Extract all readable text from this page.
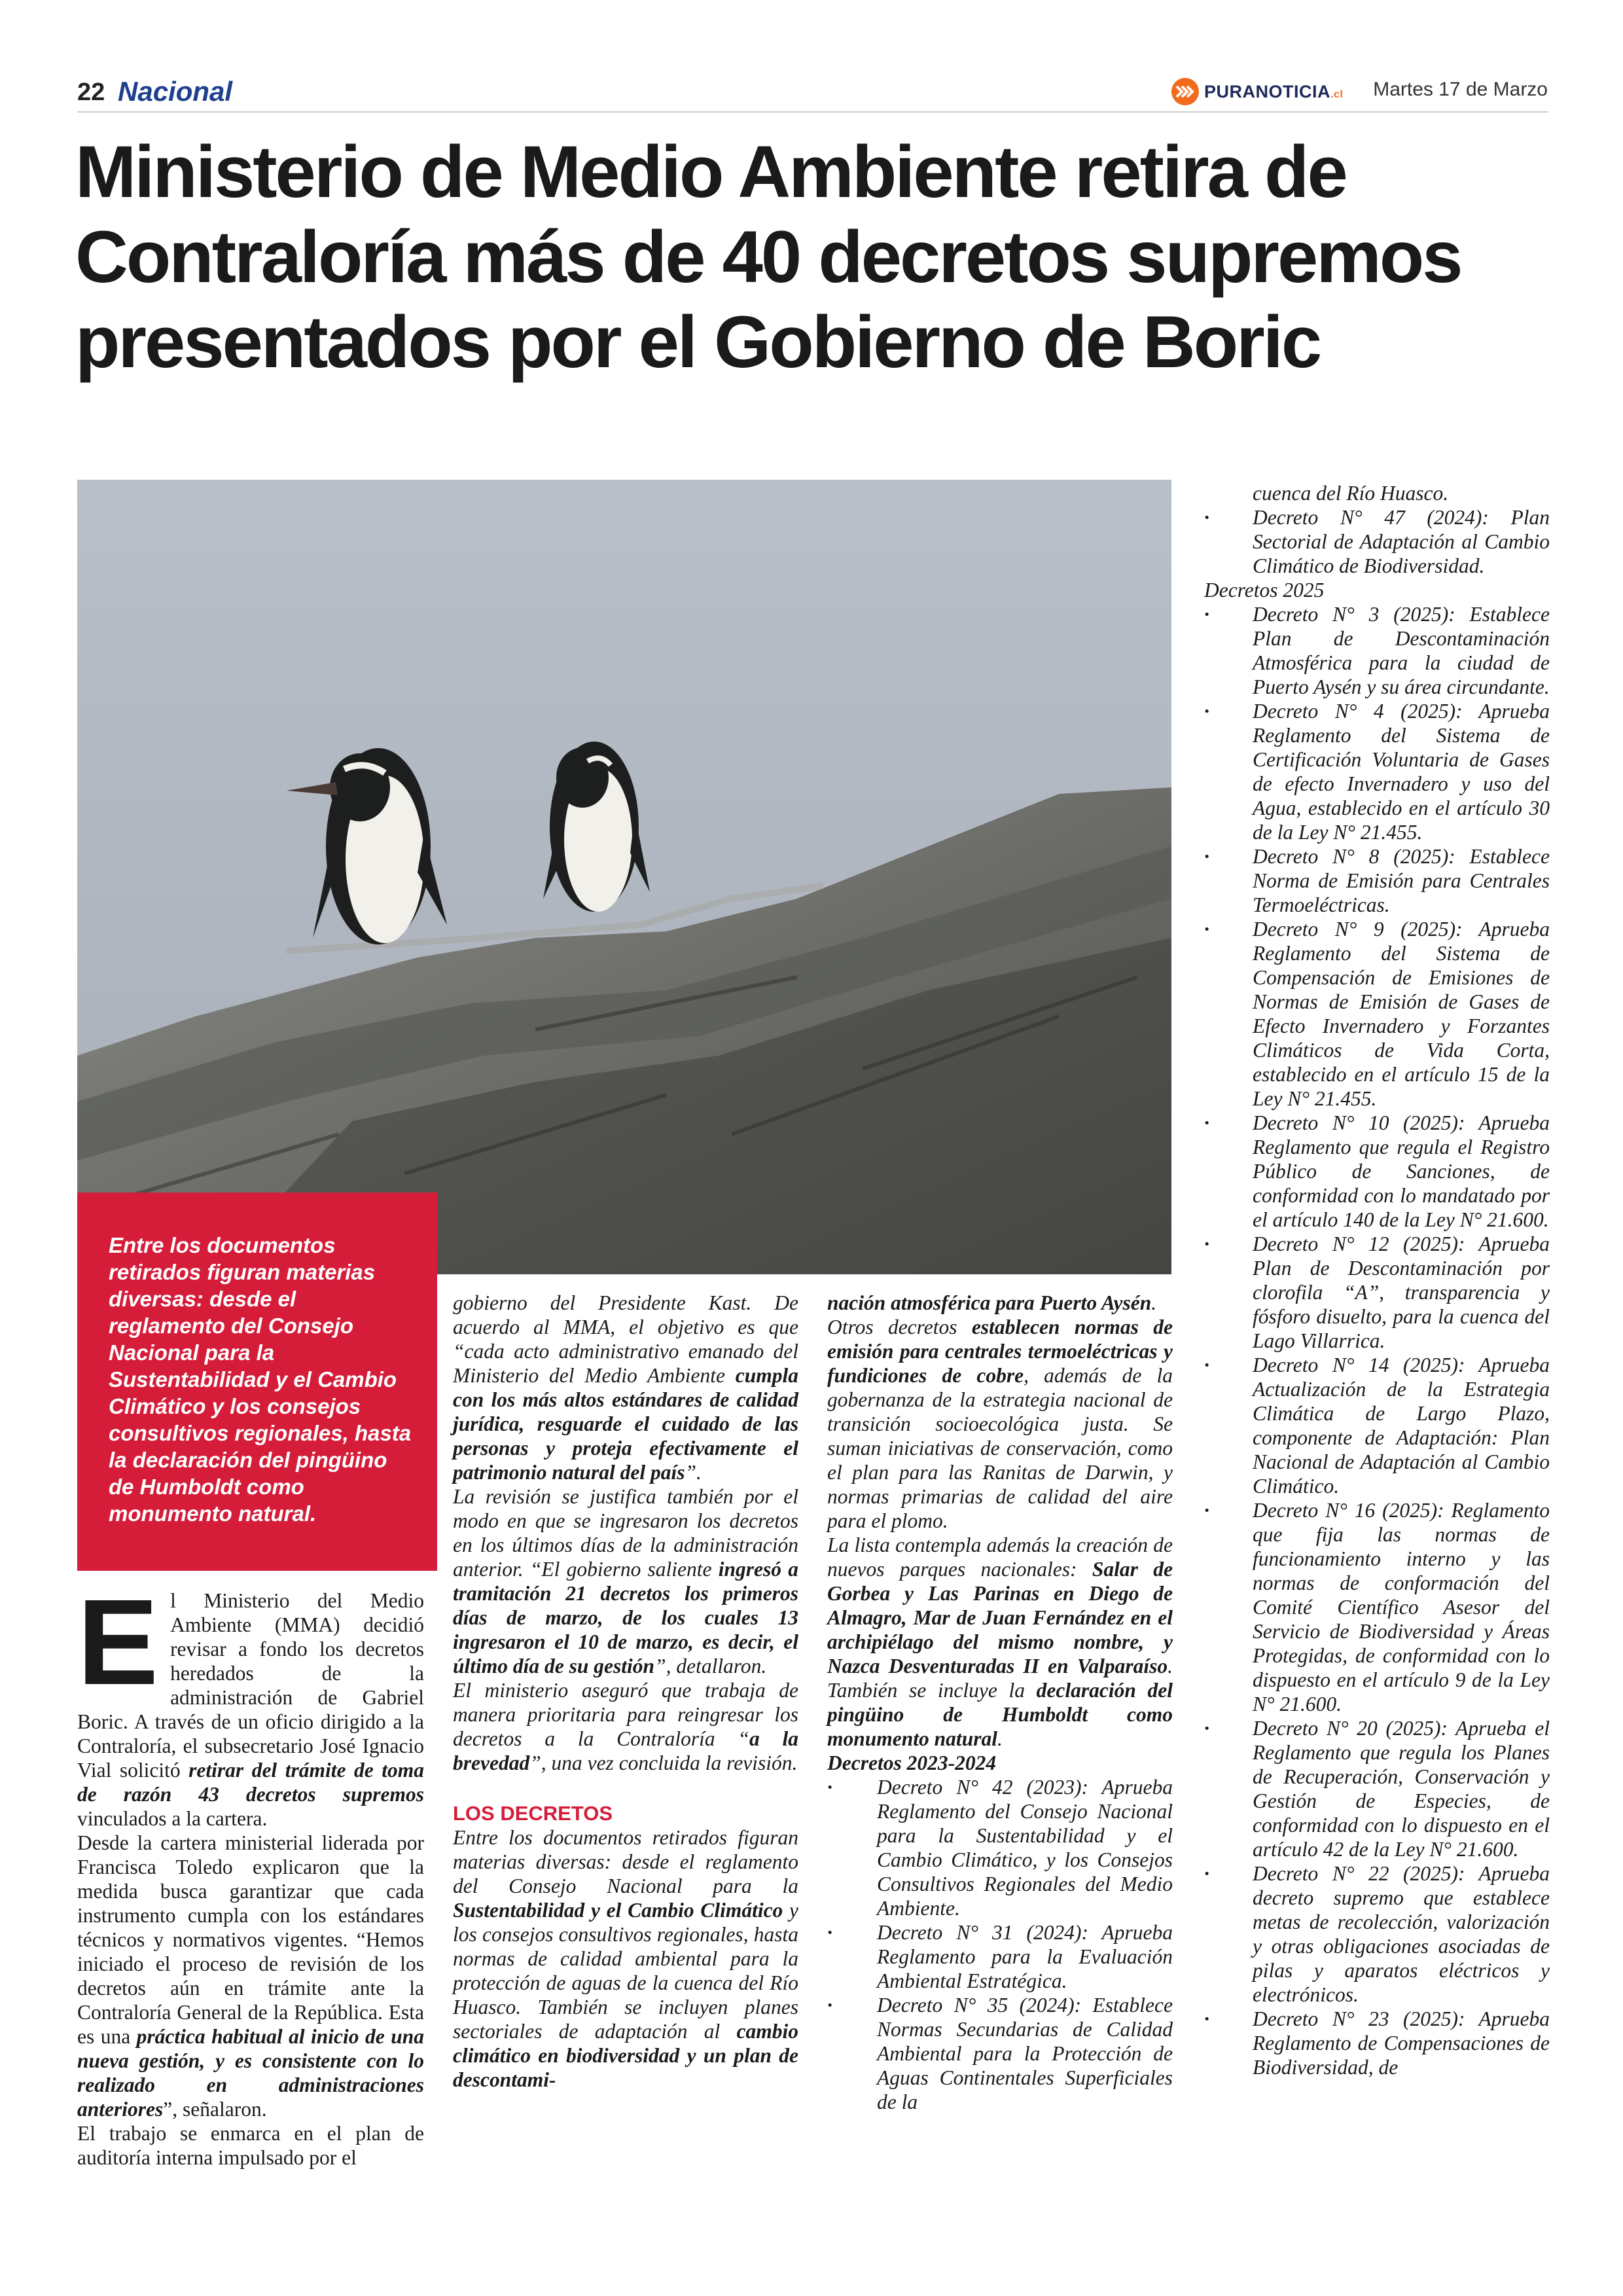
22 Nacional	PURANOTICIA.cl Martes 17 de Marzo
Ministerio de Medio Ambiente retira de Contraloría más de 40 decretos supremos presentados por el Gobierno de Boric

Entre los documentos retirados figuran materias diversas: desde el reglamento del Consejo Nacional para la Sustentabilidad y el Cambio Climático y los consejos consultivos regionales, hasta la declaración del pingüino de Humboldt como monumento natural.

El Ministerio del Medio Ambiente (MMA) decidió revisar a fondo los decretos heredados de la administración de Gabriel Boric. A través de un oficio dirigido a la Contraloría, el subsecretario José Ignacio Vial solicitó retirar del trámite de toma de razón 43 decretos supremos vinculados a la cartera.

Desde la cartera ministerial liderada por Francisca Toledo explicaron que la medida busca garantizar que cada instrumento cumpla con los estándares técnicos y normativos vigentes. “Hemos iniciado el proceso de revisión de los decretos aún en trámite ante la Contraloría General de la República. Esta es una práctica habitual al inicio de una nueva gestión, y es consistente con lo realizado en administraciones anteriores”, señalaron.

El trabajo se enmarca en el plan de auditoría interna impulsado por el

gobierno del Presidente Kast. De acuerdo al MMA, el objetivo es que “cada acto administrativo emanado del Ministerio del Medio Ambiente cumpla con los más altos estándares de calidad jurídica, resguarde el cuidado de las personas y proteja efectivamente el patrimonio natural del país”.

La revisión se justifica también por el modo en que se ingresaron los decretos en los últimos días de la administración anterior. “El gobierno saliente ingresó a tramitación 21 decretos los primeros días de marzo, de los cuales 13 ingresaron el 10 de marzo, es decir, el último día de su gestión”, detallaron.

El ministerio aseguró que trabaja de manera prioritaria para reingresar los decretos a la Contraloría “a la brevedad”, una vez concluida la revisión.

LOS DECRETOS

Entre los documentos retirados figuran materias diversas: desde el reglamento del Consejo Nacional para la Sustentabilidad y el Cambio Climático y los consejos consultivos regionales, hasta normas de calidad ambiental para la protección de aguas de la cuenca del Río Huasco. También se incluyen planes sectoriales de adaptación al cambio climático en biodiversidad y un plan de descontami-

nación atmosférica para Puerto Aysén.

Otros decretos establecen normas de emisión para centrales termoeléctricas y fundiciones de cobre, además de la gobernanza de la estrategia nacional de transición socioecológica justa. Se suman iniciativas de conservación, como el plan para las Ranitas de Darwin, y normas primarias de calidad del aire para el plomo.

La lista contempla además la creación de nuevos parques nacionales: Salar de Gorbea y Las Parinas en Diego de Almagro, Mar de Juan Fernández en el archipiélago del mismo nombre, y Nazca Desventuradas II en Valparaíso. También se incluye la declaración del pingüino de Humboldt como monumento natural.

Decretos 2023-2024

· Decreto N° 42 (2023): Aprueba Reglamento del Consejo Nacional para la Sustentabilidad y el Cambio Climático, y los Consejos Consultivos Regionales del Medio Ambiente.
· Decreto N° 31 (2024): Aprueba Reglamento para la Evaluación Ambiental Estratégica.
· Decreto N° 35 (2024): Establece Normas Secundarias de Calidad Ambiental para la Protección de Aguas Continentales Superficiales de la
cuenca del Río Huasco.
· Decreto N° 47 (2024): Plan Sectorial de Adaptación al Cambio Climático de Biodiversidad.

Decretos 2025

· Decreto N° 3 (2025): Establece Plan de Descontaminación Atmosférica para la ciudad de Puerto Aysén y su área circundante.
· Decreto N° 4 (2025): Aprueba Reglamento del Sistema de Certificación Voluntaria de Gases de efecto Invernadero y uso del Agua, establecido en el artículo 30 de la Ley N° 21.455.
· Decreto N° 8 (2025): Establece Norma de Emisión para Centrales Termoeléctricas.
· Decreto N° 9 (2025): Aprueba Reglamento del Sistema de Compensación de Emisiones de Normas de Emisión de Gases de Efecto Invernadero y Forzantes Climáticos de Vida Corta, establecido en el artículo 15 de la Ley N° 21.455.
· Decreto N° 10 (2025): Aprueba Reglamento que regula el Registro Público de Sanciones, de conformidad con lo mandatado por el artículo 140 de la Ley N° 21.600.
· Decreto N° 12 (2025): Aprueba Plan de Descontaminación por clorofila “A”, transparencia y fósforo disuelto, para la cuenca del Lago Villarrica.
· Decreto N° 14 (2025): Aprueba Actualización de la Estrategia Climática de Largo Plazo, componente de Adaptación: Plan Nacional de Adaptación al Cambio Climático.
· Decreto N° 16 (2025): Reglamento que fija las normas de funcionamiento interno y las normas de conformación del Comité Científico Asesor del Servicio de Biodiversidad y Áreas Protegidas, de conformidad con lo dispuesto en el artículo 9 de la Ley N° 21.600.
· Decreto N° 20 (2025): Aprueba el Reglamento que regula los Planes de Recuperación, Conservación y Gestión de Especies, de conformidad con lo dispuesto en el artículo 42 de la Ley N° 21.600.
· Decreto N° 22 (2025): Aprueba decreto supremo que establece metas de recolección, valorización y otras obligaciones asociadas de pilas y aparatos eléctricos y electrónicos.
· Decreto N° 23 (2025): Aprueba Reglamento de Compensaciones de Biodiversidad, de
